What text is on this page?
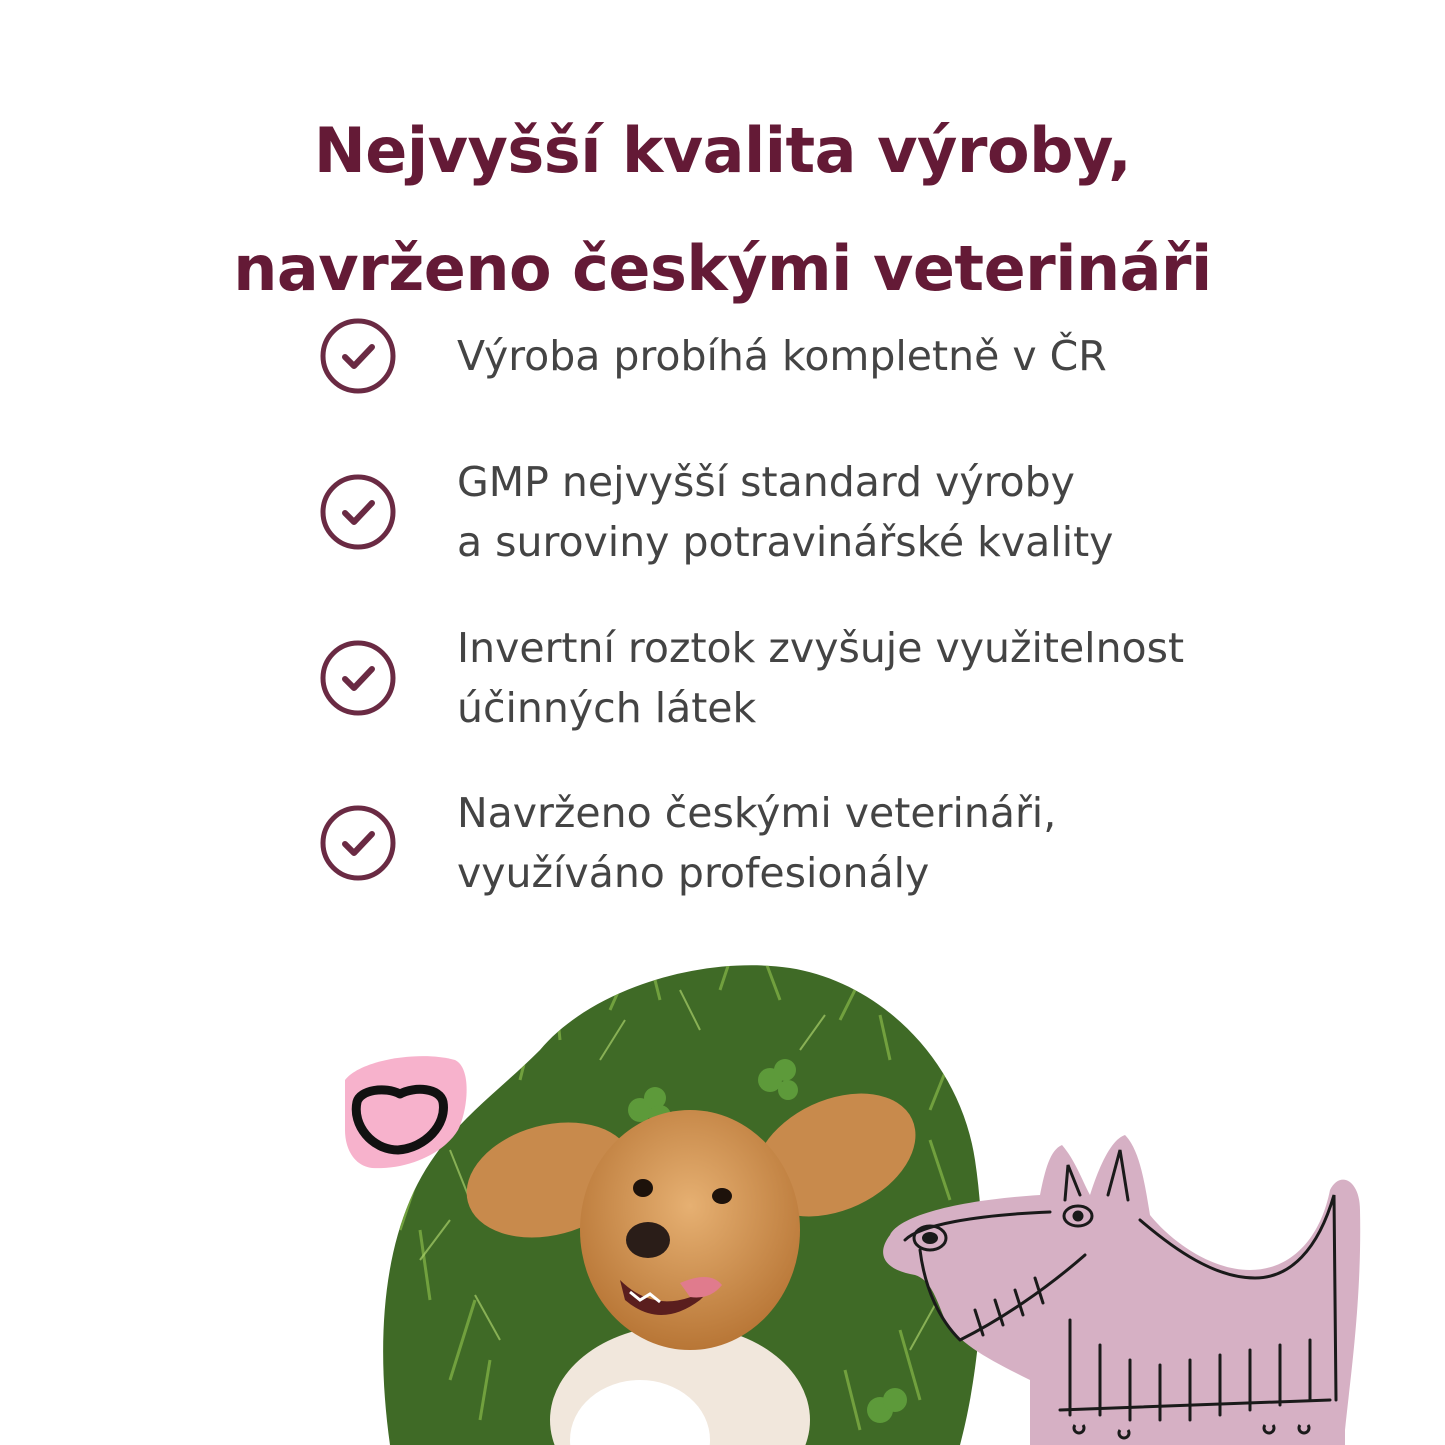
Nejvyšší kvalita výroby,
navrženo českými veterináři
Výroba probíhá kompletně v ČR
GMP nejvyšší standard výroby
a suroviny potravinářské kvality
Invertní roztok zvyšuje využitelnost
účinných látek
Navrženo českými veterináři,
využíváno profesionály
